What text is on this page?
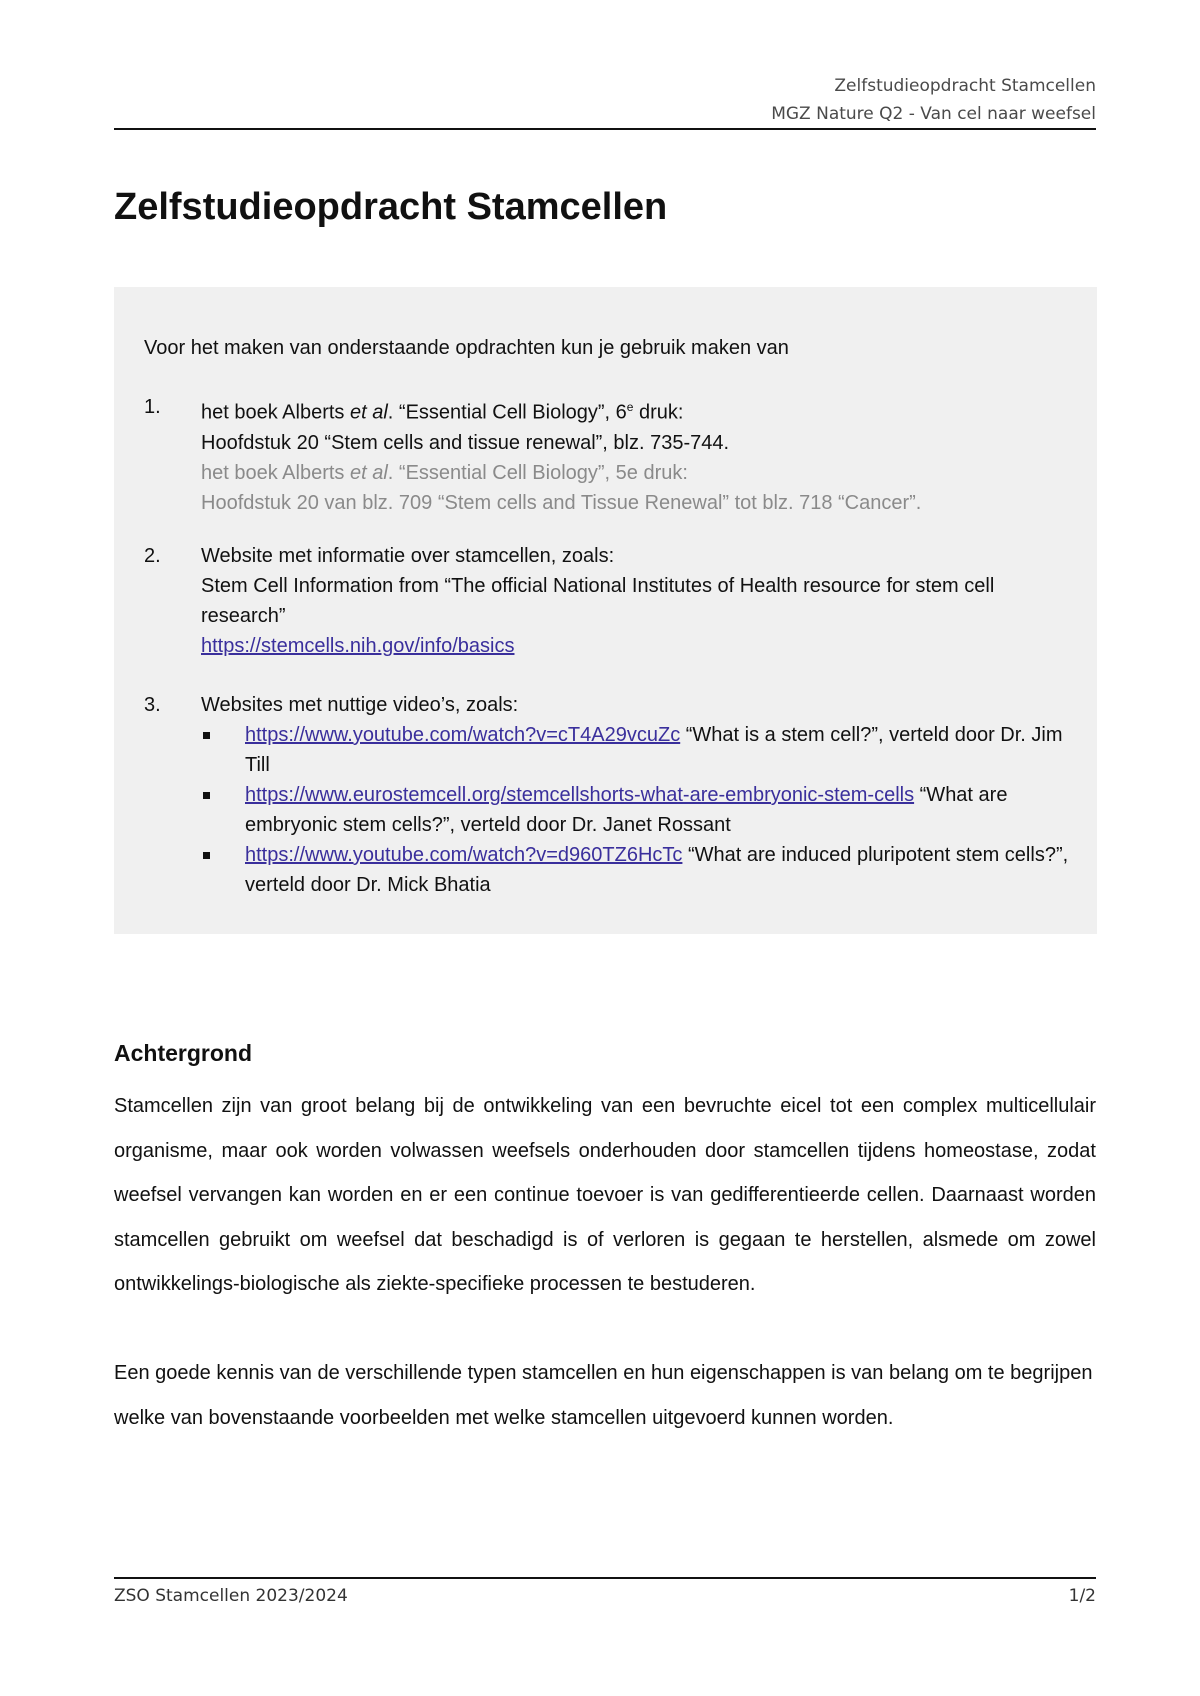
Zelfstudieopdracht Stamcellen
MGZ Nature Q2 - Van cel naar weefsel
Zelfstudieopdracht Stamcellen
Voor het maken van onderstaande opdrachten kun je gebruik maken van
1.	het boek Alberts et al. “Essential Cell Biology”, 6e druk:
Hoofdstuk 20 “Stem cells and tissue renewal”, blz. 735-744.
het boek Alberts et al. “Essential Cell Biology”, 5e druk:
Hoofdstuk 20 van blz. 709 “Stem cells and Tissue Renewal” tot blz. 718 “Cancer”.
2.	Website met informatie over stamcellen, zoals:
Stem Cell Information from “The official National Institutes of Health resource for stem cell research”
https://stemcells.nih.gov/info/basics
3.	Websites met nuttige video’s, zoals:
https://www.youtube.com/watch?v=cT4A29vcuZc “What is a stem cell?”, verteld door Dr. Jim Till
https://www.eurostemcell.org/stemcellshorts-what-are-embryonic-stem-cells “What are embryonic stem cells?”, verteld door Dr. Janet Rossant
https://www.youtube.com/watch?v=d960TZ6HcTc “What are induced pluripotent stem cells?”, verteld door Dr. Mick Bhatia
Achtergrond

Stamcellen zijn van groot belang bij de ontwikkeling van een bevruchte eicel tot een complex multicellulair organisme, maar ook worden volwassen weefsels onderhouden door stamcellen tijdens homeostase, zodat weefsel vervangen kan worden en er een continue toevoer is van gedifferentieerde cellen. Daarnaast worden stamcellen gebruikt om weefsel dat beschadigd is of verloren is gegaan te herstellen, alsmede om zowel ontwikkelings-biologische als ziekte-specifieke processen te bestuderen.

Een goede kennis van de verschillende typen stamcellen en hun eigenschappen is van belang om te begrijpen welke van bovenstaande voorbeelden met welke stamcellen uitgevoerd kunnen worden.

ZSO Stamcellen 2023/2024	1/2
